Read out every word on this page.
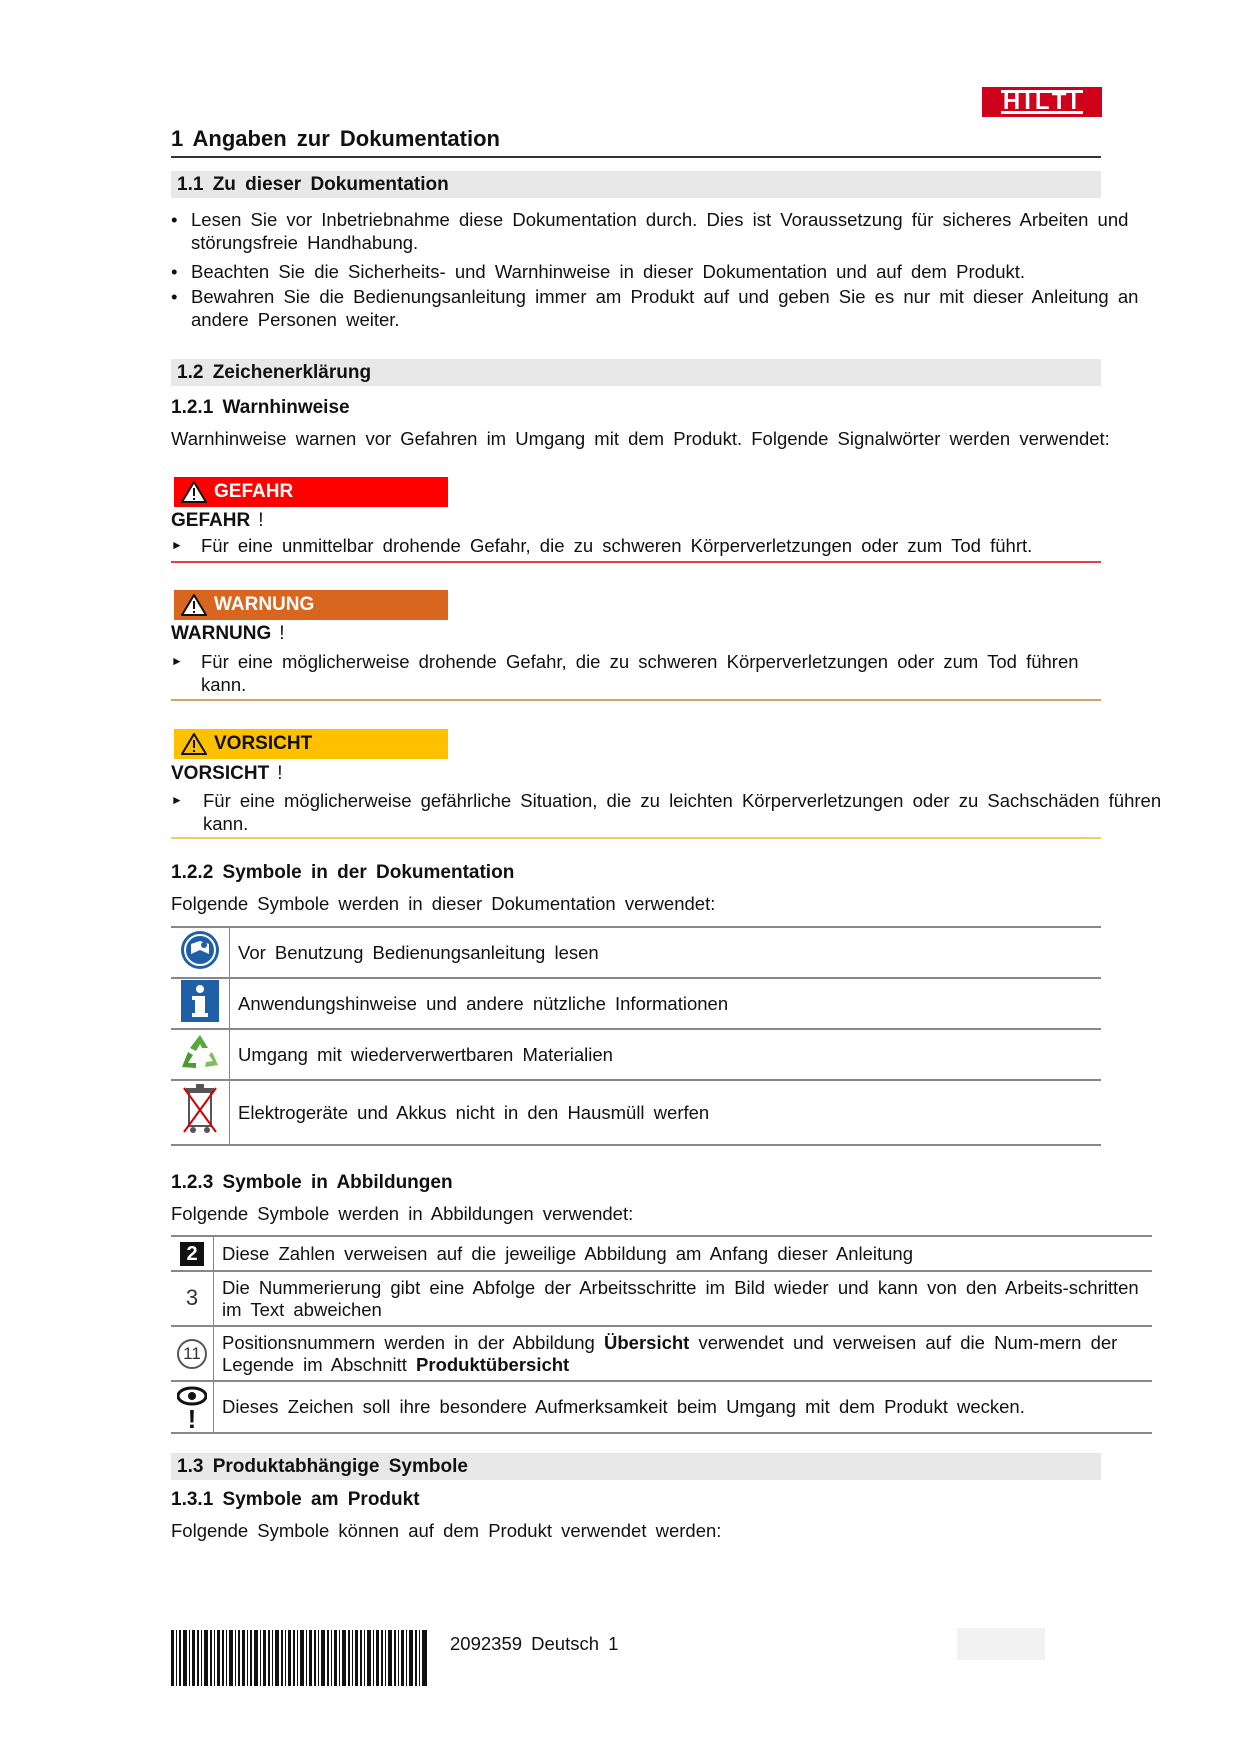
HILTI
1 Angaben zur Dokumentation
1.1 Zu dieser Dokumentation
• Lesen Sie vor Inbetriebnahme diese Dokumentation durch. Dies ist Voraussetzung für sicheres Arbeiten und störungsfreie Handhabung.
• Beachten Sie die Sicherheits- und Warnhinweise in dieser Dokumentation und auf dem Produkt.
• Bewahren Sie die Bedienungsanleitung immer am Produkt auf und geben Sie es nur mit dieser Anleitung an andere Personen weiter.
1.2 Zeichenerklärung
1.2.1 Warnhinweise
Warnhinweise warnen vor Gefahren im Umgang mit dem Produkt. Folgende Signalwörter werden verwendet:
GEFAHR
GEFAHR !
► Für eine unmittelbar drohende Gefahr, die zu schweren Körperverletzungen oder zum Tod führt.
WARNUNG
WARNUNG !
► Für eine möglicherweise drohende Gefahr, die zu schweren Körperverletzungen oder zum Tod führen kann.
VORSICHT
VORSICHT !
►	Für eine möglicherweise gefährliche Situation, die zu leichten Körperverletzungen oder zu Sachschäden führen kann.
1.2.2 Symbole in der Dokumentation
Folgende Symbole werden in dieser Dokumentation verwendet:
	Vor Benutzung Bedienungsanleitung lesen
	Anwendungshinweise und andere nützliche Informationen
	Umgang mit wiederverwertbaren Materialien
	Elektrogeräte und Akkus nicht in den Hausmüll werfen
1.2.3 Symbole in Abbildungen
Folgende Symbole werden in Abbildungen verwendet:
2	Diese Zahlen verweisen auf die jeweilige Abbildung am Anfang dieser Anleitung
3	Die Nummerierung gibt eine Abfolge der Arbeitsschritte im Bild wieder und kann von den Arbeits-schritten im Text abweichen

11	Positionsnummern werden in der Abbildung Übersicht verwendet und verweisen auf die Num-mern der Legende im Abschnitt Produktübersicht
!	Dieses Zeichen soll ihre besondere Aufmerksamkeit beim Umgang mit dem Produkt wecken.
1.3 Produktabhängige Symbole
1.3.1 Symbole am Produkt
Folgende Symbole können auf dem Produkt verwendet werden:
2092359 Deutsch 1
